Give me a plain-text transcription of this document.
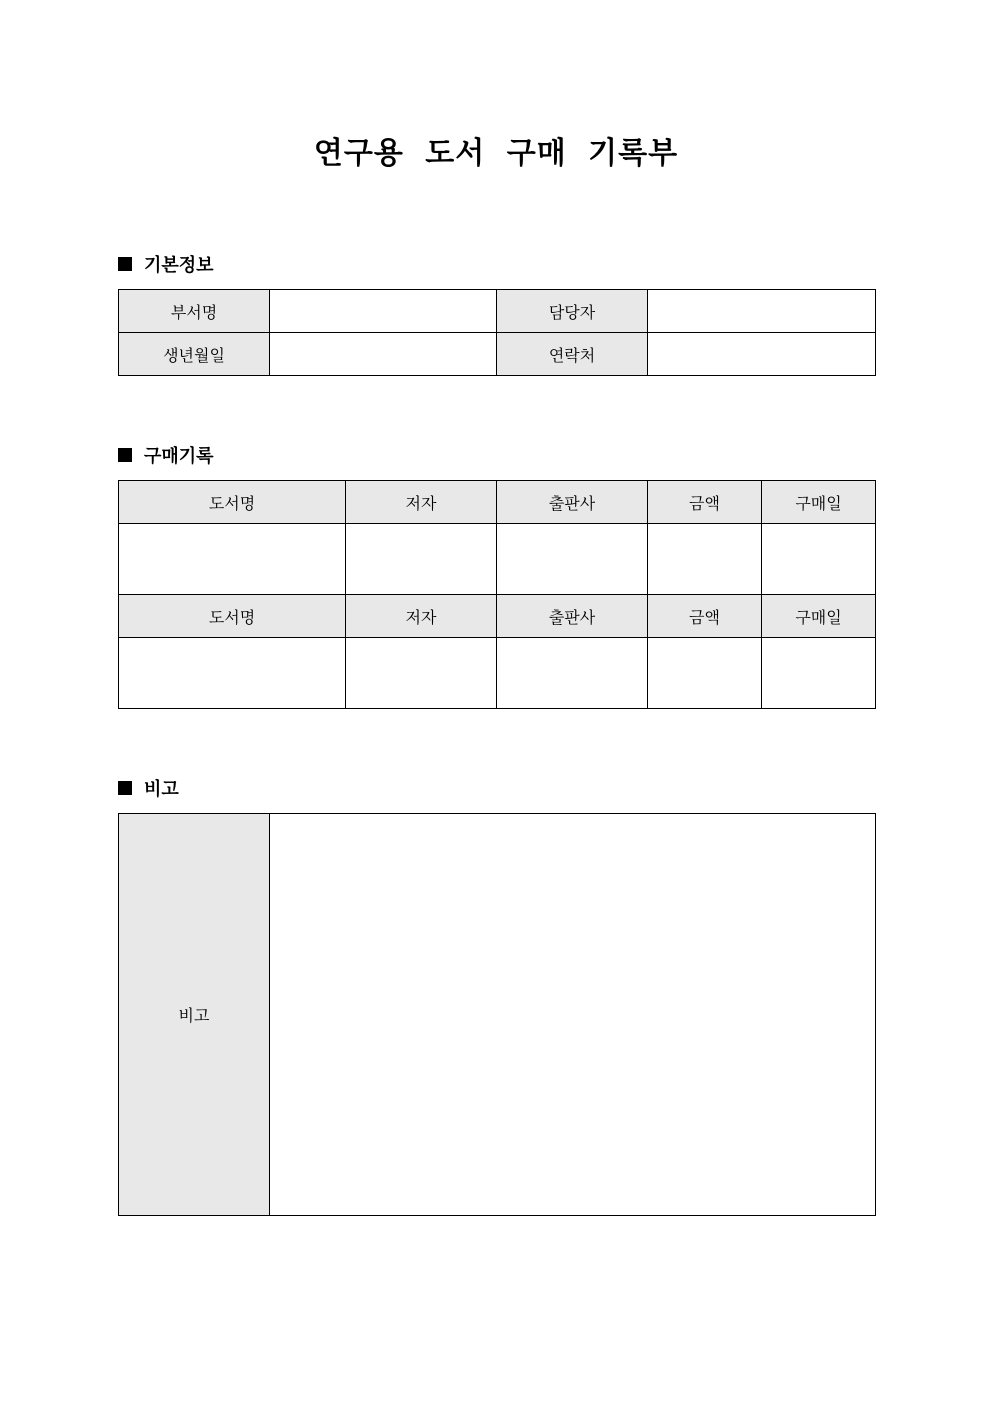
연구용 도서 구매 기록부
기본정보
부서명		담당자	
생년월일		연락처	
구매기록
도서명	저자	출판사	금액	구매일

도서명	저자	출판사	금액	구매일

비고
비고	
